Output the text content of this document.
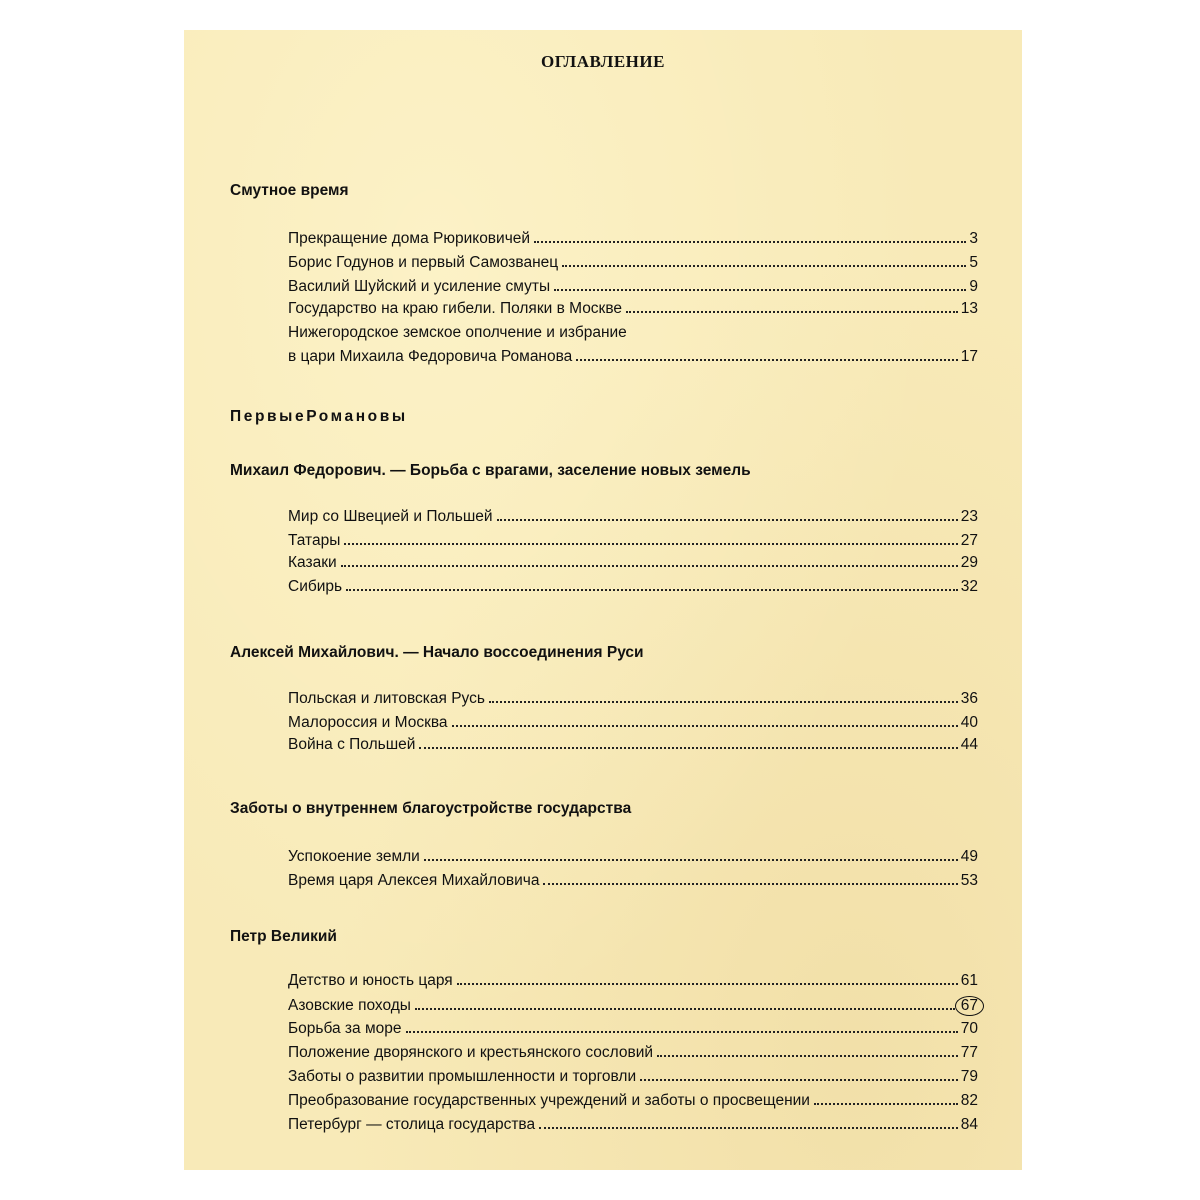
ОГЛАВЛЕНИЕ
Смутное время
Прекращение дома Рюриковичей	3
Борис Годунов и первый Самозванец	5
Василий Шуйский и усиление смуты	9
Государство на краю гибели. Поляки в Москве	13
Нижегородское земское ополчение и избрание
в цари Михаила Федоровича Романова	17
ПервыеРомановы
Михаил Федорович. — Борьба с врагами, заселение новых земель
Мир со Швецией и Польшей	23
Татары	27
Казаки	29
Сибирь	32
Алексей Михайлович. — Начало воссоединения Руси
Польская и литовская Русь	36
Малороссия и Москва	40
Война с Польшей	44
Заботы о внутреннем благоустройстве государства
Успокоение земли	49
Время царя Алексея Михайловича	53
Петр Великий
Детство и юность царя	61
Азовские походы	67
Борьба за море	70
Положение дворянского и крестьянского сословий	77
Заботы о развитии промышленности и торговли	79
Преобразование государственных учреждений и заботы о просвещении	82
Петербург — столица государства	84
